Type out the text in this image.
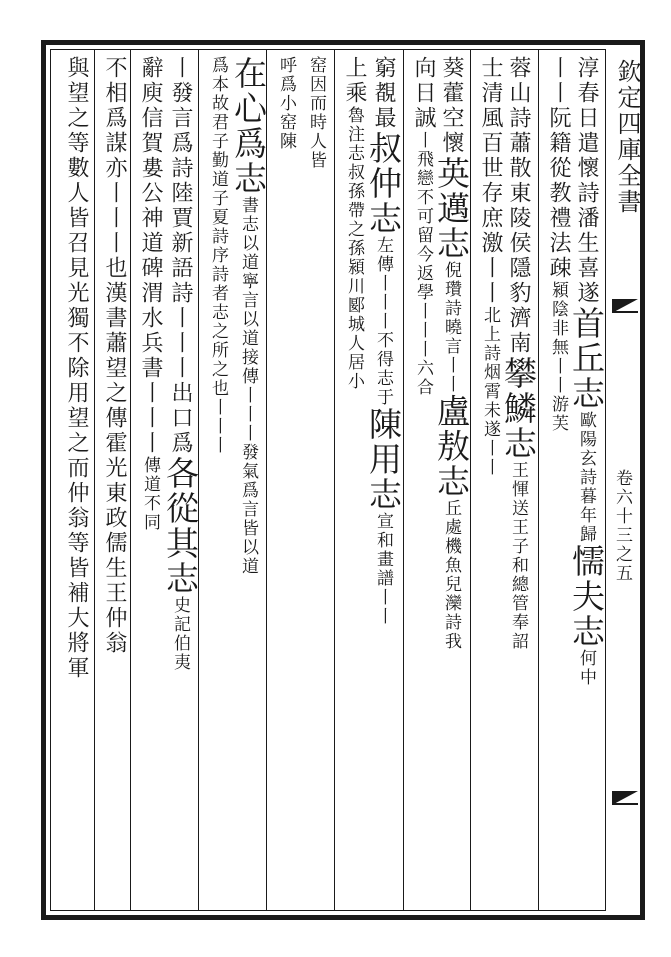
欽定四庫全書
卷六十三之五
淳春日遣懷詩潘生喜遂首丘志歐陽玄詩暮年歸懦夫志何中
丨丨阮籍從教禮法疎潁陰非無丨丨游芙
蓉山詩蕭散東陵侯隱豹濟南攀鱗志王惲送王子和總管奉詔
士清風百世存庶激丨丨北上詩烟霄未遂丨丨
葵藿空懷英邁志倪瓚詩曉言丨丨盧敖志丘處機魚兒灤詩我
向日誠丨飛戀不可留今返學丨丨丨六合
窮覩最叔仲志左傳丨丨丨不得志于陳用志宣和畫譜丨丨
上乘魯注志叔孫帶之孫潁川郾城人居小
窑因而時人皆
呼爲小窑陳
在心爲志書志以道寧言以道接傳丨丨丨發氣爲言皆以道
爲本故君子勤道子夏詩序詩者志之所之也丨丨丨
丨發言爲詩陸賈新語詩丨丨丨出口爲各從其志史記伯夷
辭庾信賀婁公神道碑渭水兵書丨丨丨傳道不同
不相爲謀亦丨丨丨也漢書蕭望之傳霍光東政儒生王仲翁
與望之等數人皆召見光獨不除用望之而仲翁等皆補大將軍
